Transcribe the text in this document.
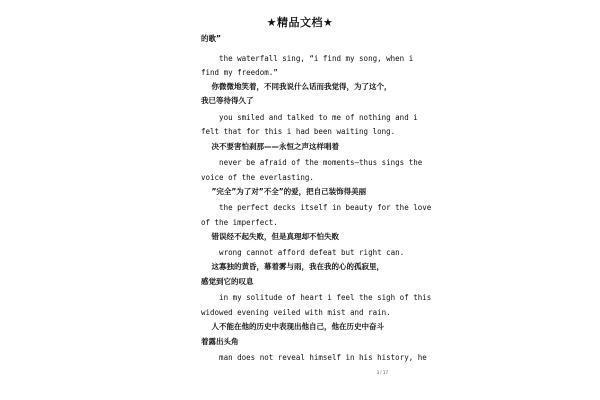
★精品文档★
的歌”
the waterfall sing, “i find my song, when i
find my freedom.”
你微微地笑着，不同我说什么话而我觉得，为了这个，
我已等待得久了
you smiled and talked to me of nothing and i
felt that for this i had been waiting long.
决不要害怕刹那——永恒之声这样唱着
never be afraid of the moments—thus sings the
voice of the everlasting.
”完全”为了对”不全”的爱，把自己装饰得美丽
the perfect decks itself in beauty for the love
of the imperfect.
错误经不起失败，但是真理却不怕失败
wrong cannot afford defeat but right can.
这寡独的黄昏，幕着雾与雨，我在我的心的孤寂里，
感觉到它的叹息
in my solitude of heart i feel the sigh of this
widowed evening veiled with mist and rain.
人不能在他的历史中表现出他自己，他在历史中奋斗
着露出头角
man does not reveal himself in his history, he
3 / 17
